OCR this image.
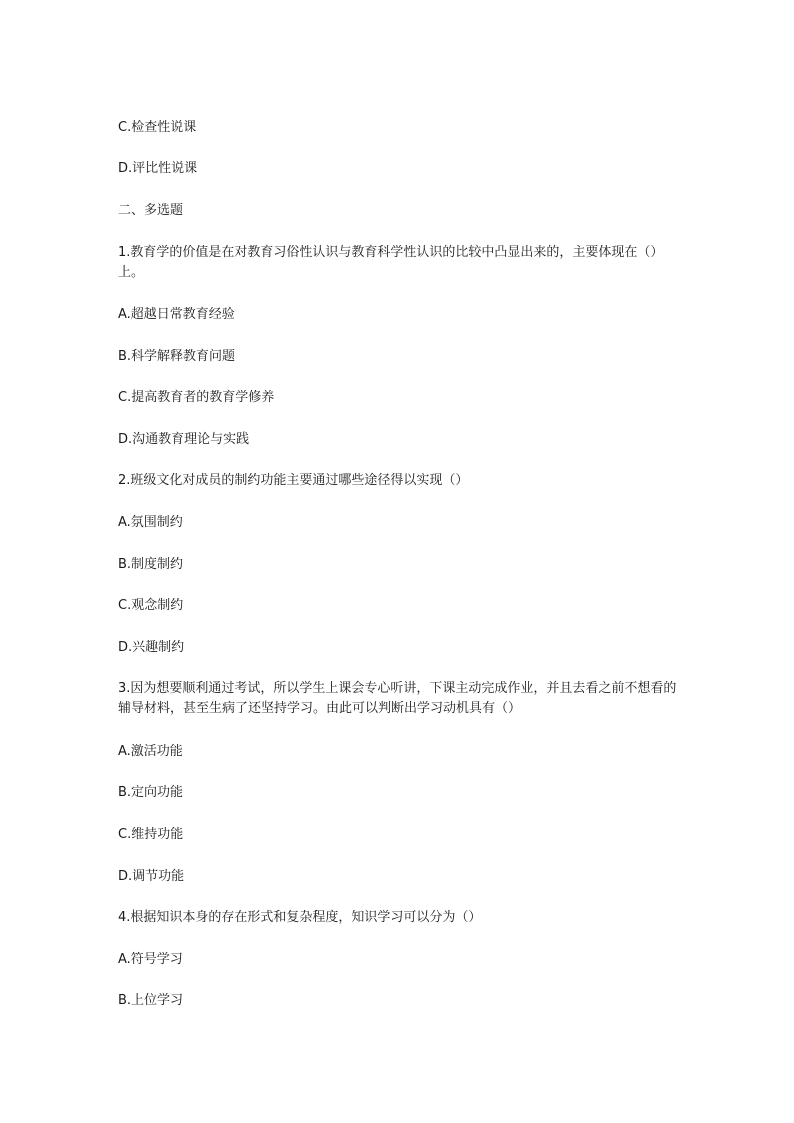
C.检查性说课
D.评比性说课
二、多选题
1.教育学的价值是在对教育习俗性认识与教育科学性认识的比较中凸显出来的，主要体现在（）上。
A.超越日常教育经验
B.科学解释教育问题
C.提高教育者的教育学修养
D.沟通教育理论与实践
2.班级文化对成员的制约功能主要通过哪些途径得以实现（）
A.氛围制约
B.制度制约
C.观念制约
D.兴趣制约
3.因为想要顺利通过考试，所以学生上课会专心听讲，下课主动完成作业，并且去看之前不想看的辅导材料，甚至生病了还坚持学习。由此可以判断出学习动机具有（）
A.激活功能
B.定向功能
C.维持功能
D.调节功能
4.根据知识本身的存在形式和复杂程度，知识学习可以分为（）
A.符号学习
B.上位学习
